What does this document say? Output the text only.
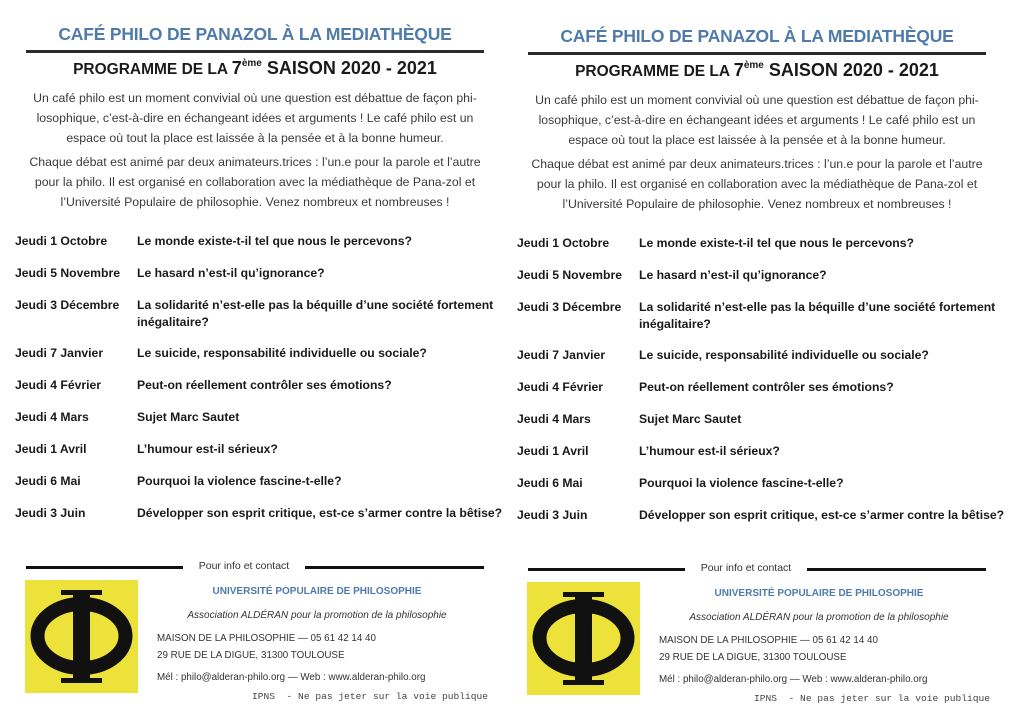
CAFÉ PHILO DE PANAZOL À LA MEDIATHÈQUE
PROGRAMME DE LA 7ème SAISON 2020 - 2021

Un café philo est un moment convivial où une question est débattue de façon phi-losophique, c’est-à-dire en échangeant idées et arguments ! Le café philo est un espace où tout la place est laissée à la pensée et à la bonne humeur.

Chaque débat est animé par deux animateurs.trices : l’un.e pour la parole et l’autre pour la philo. Il est organisé en collaboration avec la médiathèque de Pana-zol et l’Université Populaire de philosophie. Venez nombreux et nombreuses !

Jeudi 1 Octobre	Le monde existe-t-il tel que nous le percevons?
Jeudi 5 Novembre	Le hasard n’est-il qu’ignorance?
Jeudi 3 Décembre	La solidarité n’est-elle pas la béquille d’une société fortement inégalitaire?
Jeudi 7 Janvier	Le suicide, responsabilité individuelle ou sociale?
Jeudi 4 Février	Peut-on réellement contrôler ses émotions?
Jeudi 4 Mars	Sujet Marc Sautet
Jeudi 1 Avril	L’humour est-il sérieux?
Jeudi 6 Mai	Pourquoi la violence fascine-t-elle?
Jeudi 3 Juin	Développer son esprit critique, est-ce s’armer contre la bêtise?
Pour info et contact
UNIVERSITÉ POPULAIRE DE PHILOSOPHIE
Association ALDÉRAN pour la promotion de la philosophie
MAISON DE LA PHILOSOPHIE — 05 61 42 14 40
29 RUE DE LA DIGUE, 31300 TOULOUSE
Mél : philo@alderan-philo.org — Web : www.alderan-philo.org
IPNS  - Ne pas jeter sur la voie publique
CAFÉ PHILO DE PANAZOL À LA MEDIATHÈQUE
PROGRAMME DE LA 7ème SAISON 2020 - 2021

Un café philo est un moment convivial où une question est débattue de façon phi-losophique, c’est-à-dire en échangeant idées et arguments ! Le café philo est un espace où tout la place est laissée à la pensée et à la bonne humeur.

Chaque débat est animé par deux animateurs.trices : l’un.e pour la parole et l’autre pour la philo. Il est organisé en collaboration avec la médiathèque de Pana-zol et l’Université Populaire de philosophie. Venez nombreux et nombreuses !

Jeudi 1 Octobre	Le monde existe-t-il tel que nous le percevons?
Jeudi 5 Novembre	Le hasard n’est-il qu’ignorance?
Jeudi 3 Décembre	La solidarité n’est-elle pas la béquille d’une société fortement inégalitaire?
Jeudi 7 Janvier	Le suicide, responsabilité individuelle ou sociale?
Jeudi 4 Février	Peut-on réellement contrôler ses émotions?
Jeudi 4 Mars	Sujet Marc Sautet
Jeudi 1 Avril	L’humour est-il sérieux?
Jeudi 6 Mai	Pourquoi la violence fascine-t-elle?
Jeudi 3 Juin	Développer son esprit critique, est-ce s’armer contre la bêtise?
Pour info et contact
UNIVERSITÉ POPULAIRE DE PHILOSOPHIE
Association ALDÉRAN pour la promotion de la philosophie
MAISON DE LA PHILOSOPHIE — 05 61 42 14 40
29 RUE DE LA DIGUE, 31300 TOULOUSE
Mél : philo@alderan-philo.org — Web : www.alderan-philo.org
IPNS  - Ne pas jeter sur la voie publique
